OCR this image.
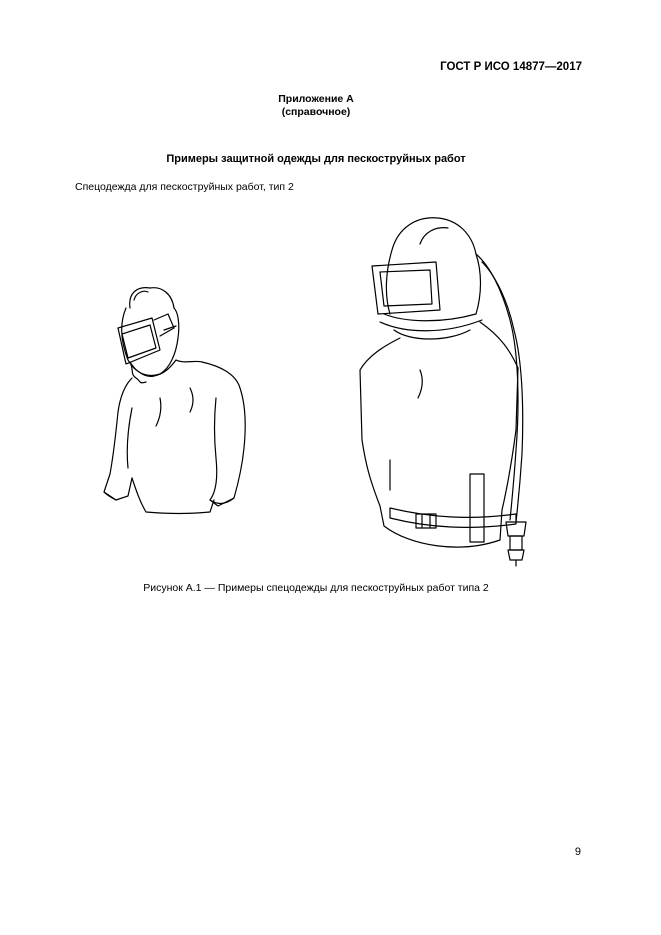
ГОСТ Р ИСО 14877—2017
Приложение А
(справочное)
Примеры защитной одежды для пескоструйных работ
Спецодежда для пескоструйных работ, тип 2
Рисунок А.1 — Примеры спецодежды для пескоструйных работ типа 2
9
